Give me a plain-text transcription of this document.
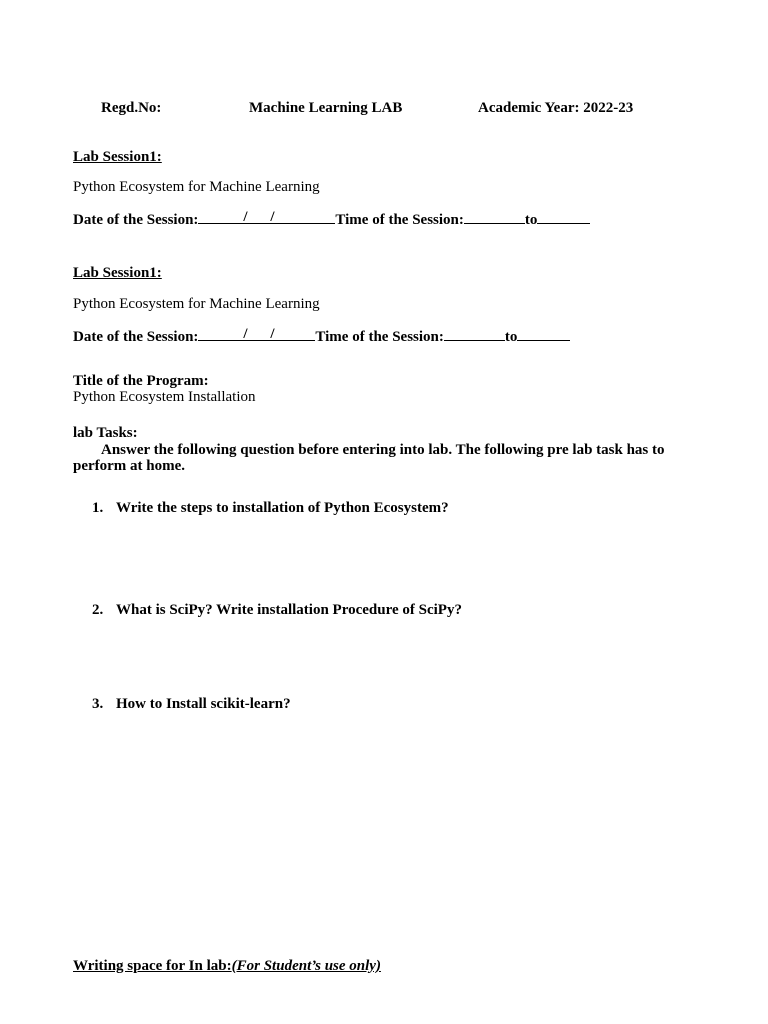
Regd.No:	Machine Learning LAB	Academic Year: 2022-23
Lab Session1:
Python Ecosystem for Machine Learning
Date of the Session:	/ /	Time of the Session:	to
Lab Session1:
Python Ecosystem for Machine Learning
Date of the Session:	/ /	Time of the Session:	to
Title of the Program:
Python Ecosystem Installation
lab Tasks:
Answer the following question before entering into lab. The following pre lab task has to
perform at home.
1. Write the steps to installation of Python Ecosystem?
2. What is SciPy? Write installation Procedure of SciPy?
3. How to Install scikit-learn?
Writing space for In lab:(For Student’s use only)
